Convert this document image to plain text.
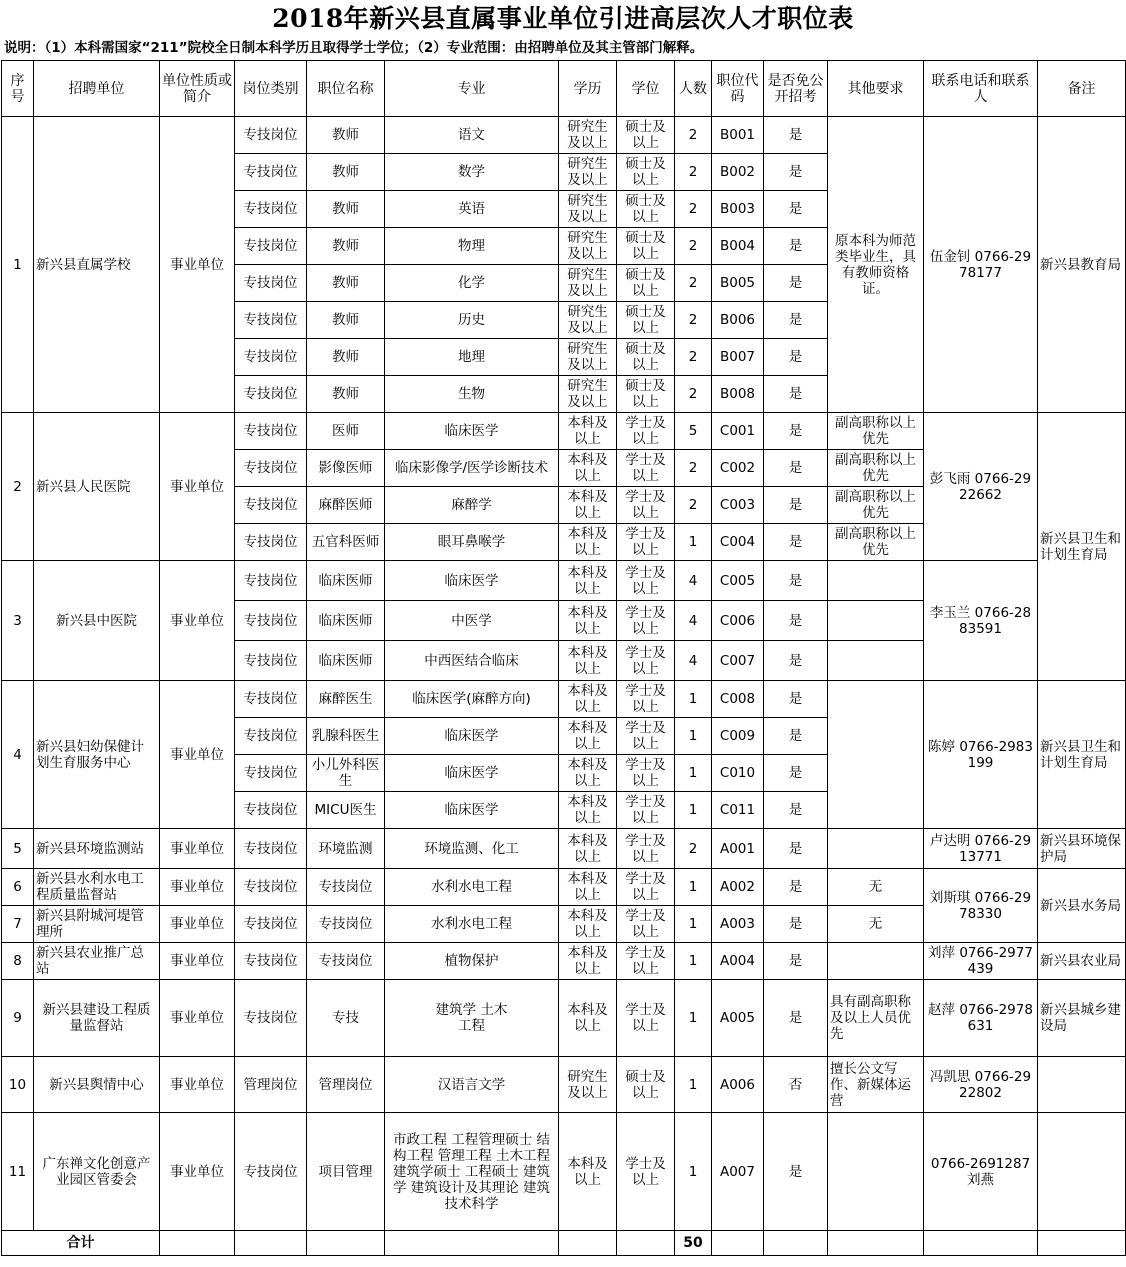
2018年新兴县直属事业单位引进高层次人才职位表
说明：（1）本科需国家“211”院校全日制本科学历且取得学士学位；（2）专业范围：由招聘单位及其主管部门解释。
序号	招聘单位	单位性质或简介	岗位类别	职位名称	专业	学历	学位	人数	职位代码	是否免公开招考	其他要求	联系电话和联系人	备注
1	新兴县直属学校	事业单位	专技岗位	教师	语文	研究生及以上	硕士及以上	2	B001	是	原本科为师范类毕业生，具有教师资格证。	伍金钊 0766-2978177	新兴县教育局
			专技岗位	教师	数学	研究生及以上	硕士及以上	2	B002	是			
			专技岗位	教师	英语	研究生及以上	硕士及以上	2	B003	是			
			专技岗位	教师	物理	研究生及以上	硕士及以上	2	B004	是			
			专技岗位	教师	化学	研究生及以上	硕士及以上	2	B005	是			
			专技岗位	教师	历史	研究生及以上	硕士及以上	2	B006	是			
			专技岗位	教师	地理	研究生及以上	硕士及以上	2	B007	是			
			专技岗位	教师	生物	研究生及以上	硕士及以上	2	B008	是			
2	新兴县人民医院	事业单位	专技岗位	医师	临床医学	本科及以上	学士及以上	5	C001	是	副高职称以上优先	彭飞雨 0766-2922662	新兴县卫生和计划生育局
			专技岗位	影像医师	临床影像学/医学诊断技术	本科及以上	学士及以上	2	C002	是	副高职称以上优先		
			专技岗位	麻醉医师	麻醉学	本科及以上	学士及以上	2	C003	是	副高职称以上优先		
			专技岗位	五官科医师	眼耳鼻喉学	本科及以上	学士及以上	1	C004	是	副高职称以上优先		
3	新兴县中医院	事业单位	专技岗位	临床医师	临床医学	本科及以上	学士及以上	4	C005	是		李玉兰 0766-2883591	
			专技岗位	临床医师	中医学	本科及以上	学士及以上	4	C006	是			
			专技岗位	临床医师	中西医结合临床	本科及以上	学士及以上	4	C007	是			
4	新兴县妇幼保健计划生育服务中心	事业单位	专技岗位	麻醉医生	临床医学(麻醉方向)	本科及以上	学士及以上	1	C008	是		陈婷 0766-2983199	新兴县卫生和计划生育局
			专技岗位	乳腺科医生	临床医学	本科及以上	学士及以上	1	C009	是			
			专技岗位	小儿外科医生	临床医学	本科及以上	学士及以上	1	C010	是			
			专技岗位	MICU医生	临床医学	本科及以上	学士及以上	1	C011	是			
5	新兴县环境监测站	事业单位	专技岗位	环境监测	环境监测、化工	本科及以上	学士及以上	2	A001	是		卢达明 0766-2913771	新兴县环境保护局
6	新兴县水利水电工程质量监督站	事业单位	专技岗位	专技岗位	水利水电工程	本科及以上	学士及以上	1	A002	是	无	刘斯琪 0766-2978330	新兴县水务局
7	新兴县附城河堤管理所	事业单位	专技岗位	专技岗位	水利水电工程	本科及以上	学士及以上	1	A003	是	无		
8	新兴县农业推广总站	事业单位	专技岗位	专技岗位	植物保护	本科及以上	学士及以上	1	A004	是		刘萍 0766-2977439	新兴县农业局
9	新兴县建设工程质量监督站	事业单位	专技岗位	专技	建筑学 土木工程	本科及以上	学士及以上	1	A005	是	具有副高职称及以上人员优先	赵萍 0766-2978631	新兴县城乡建设局
10	新兴县舆情中心	事业单位	管理岗位	管理岗位	汉语言文学	研究生及以上	硕士及以上	1	A006	否	擅长公文写作、新媒体运营	冯凯思 0766-2922802	
11	广东禅文化创意产业园区管委会	事业单位	专技岗位	项目管理	市政工程 工程管理硕士 结构工程 管理工程 土木工程 建筑学硕士 工程硕士 建筑学 建筑设计及其理论 建筑技术科学	本科及以上	学士及以上	1	A007	是		0766-2691287 刘燕	
合计								50					
